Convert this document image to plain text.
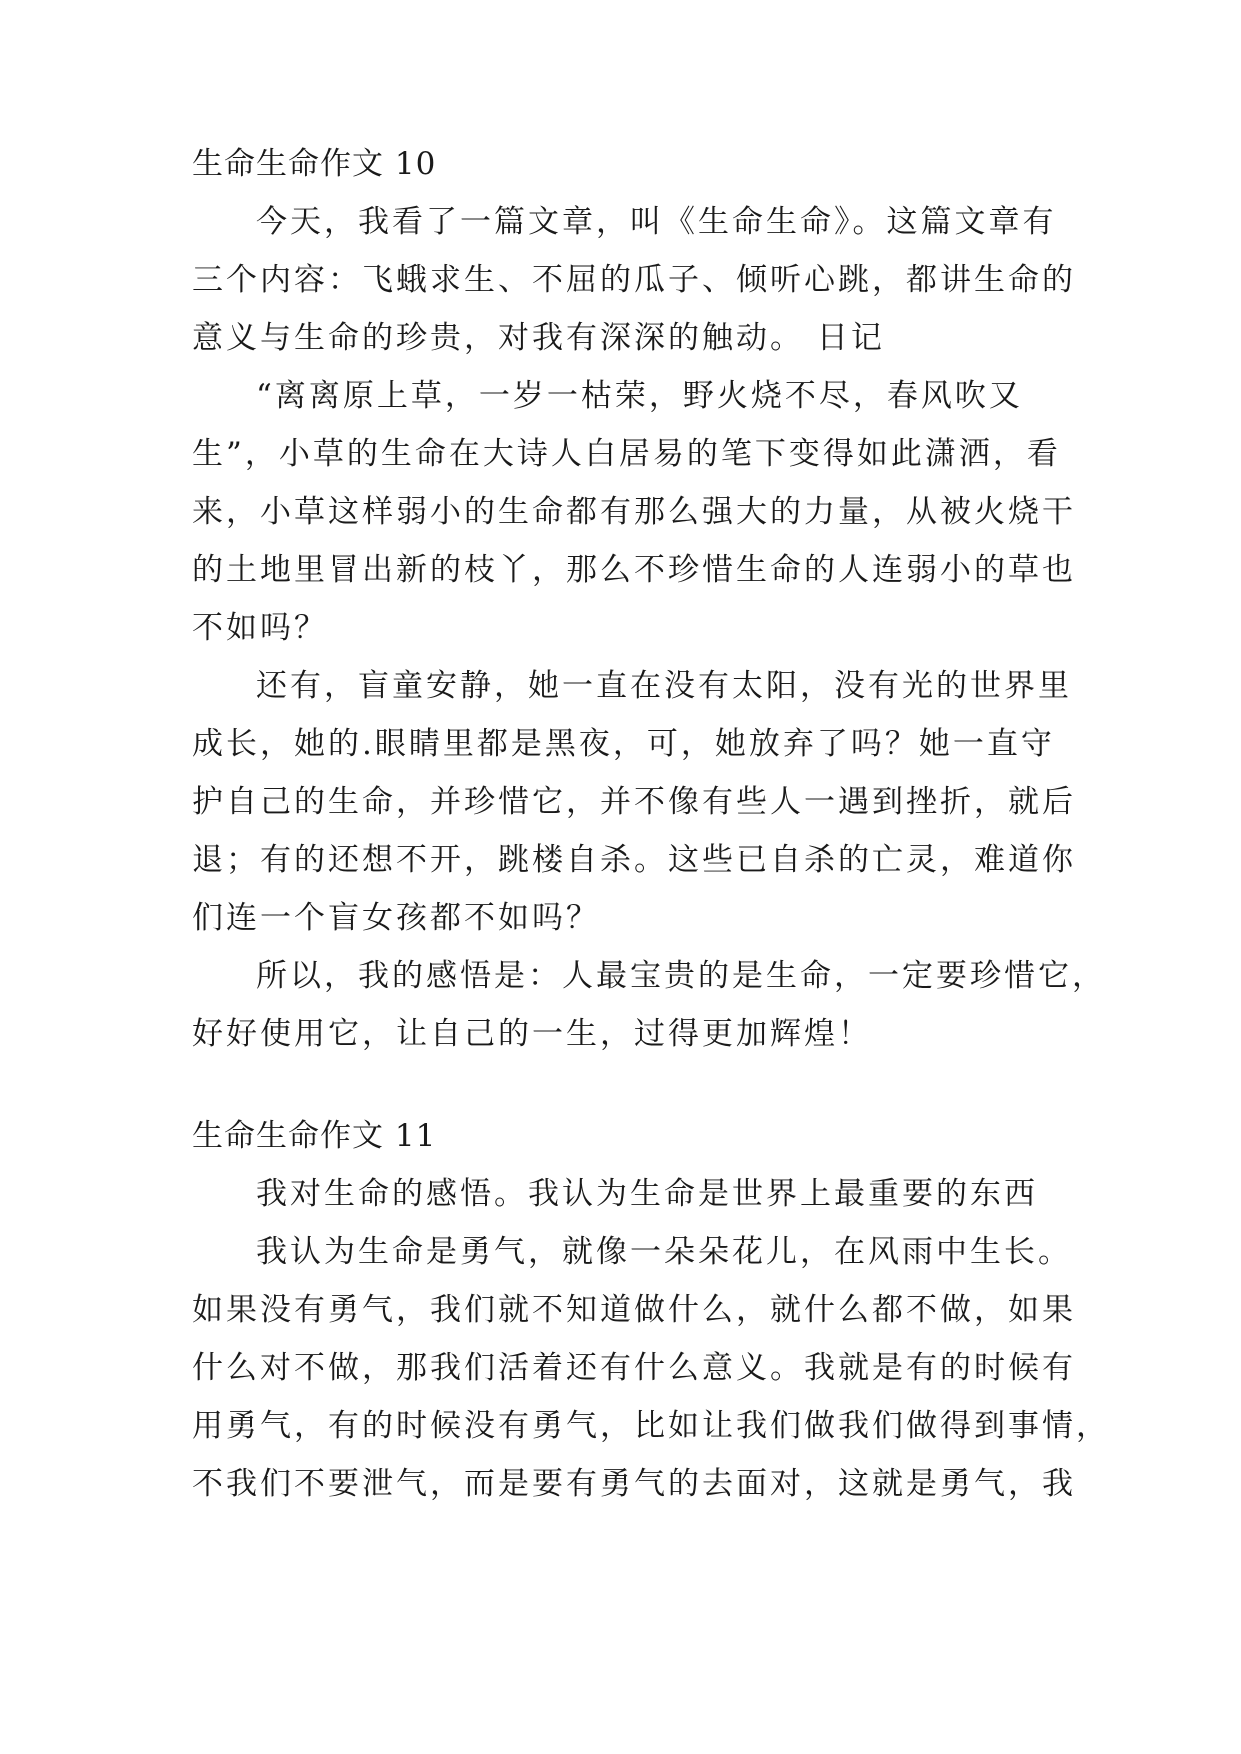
生命生命作文 10
今天，我看了一篇文章，叫《生命生命》。这篇文章有
三个内容：飞蛾求生、不屈的瓜子、倾听心跳，都讲生命的
意义与生命的珍贵，对我有深深的触动。 日记
“离离原上草，一岁一枯荣，野火烧不尽，春风吹又
生”，小草的生命在大诗人白居易的笔下变得如此潇洒，看
来，小草这样弱小的生命都有那么强大的力量，从被火烧干
的土地里冒出新的枝丫，那么不珍惜生命的人连弱小的草也
不如吗？
还有，盲童安静，她一直在没有太阳，没有光的世界里
成长，她的.眼睛里都是黑夜，可，她放弃了吗？她一直守
护自己的生命，并珍惜它，并不像有些人一遇到挫折，就后
退；有的还想不开，跳楼自杀。这些已自杀的亡灵，难道你
们连一个盲女孩都不如吗？
所以，我的感悟是：人最宝贵的是生命，一定要珍惜它，
好好使用它，让自己的一生，过得更加辉煌！
生命生命作文 11
我对生命的感悟。我认为生命是世界上最重要的东西
我认为生命是勇气，就像一朵朵花儿，在风雨中生长。
如果没有勇气，我们就不知道做什么，就什么都不做，如果
什么对不做，那我们活着还有什么意义。我就是有的时候有
用勇气，有的时候没有勇气，比如让我们做我们做得到事情，
不我们不要泄气，而是要有勇气的去面对，这就是勇气，我
